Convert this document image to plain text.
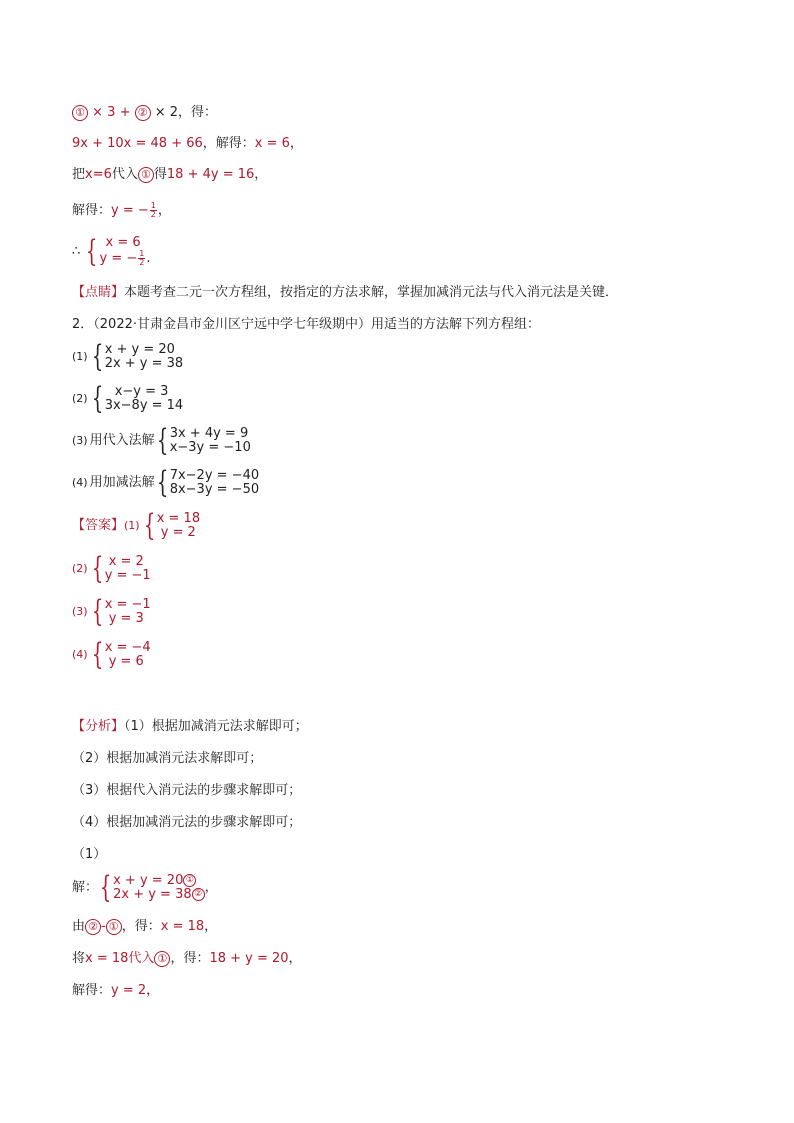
① × 3 + ② × 2，得：
9x + 10x = 48 + 66，解得：x = 6，
把x=6代入 ① 得18 + 4y = 16，
解得：y = − $\frac{1}{2}$ ，
∴ { x = 6
y = − $\frac{1}{2}$ .
【点睛】本题考查二元一次方程组，按指定的方法求解，掌握加减消元法与代入消元法是关键．
2．（2022·甘肃金昌市金川区宁远中学七年级期中）用适当的方法解下列方程组：
(1) { x + y = 20
2x + y = 38
(2) { x−y = 3
3x−8y = 14
(3) 用代入法解 { 3x + 4y = 9
x−3y = −10
(4) 用加减法解 { 7x−2y = −40
8x−3y = −50
【答案】 (1) { x = 18
y = 2
(2) { x = 2
y = −1
(3) { x = −1
y = 3
(4) { x = −4
y = 6
【分析】（1）根据加减消元法求解即可；
（2）根据加减消元法求解即可；
（3）根据代入消元法的步骤求解即可；
（4）根据加减消元法的步骤求解即可；
（1）
解： { x + y = 20 ①
2x + y = 38 ② ，
由 ② - ① ，得：x = 18，
将x = 18代入 ① ，得：18 + y = 20，
解得：y = 2，
